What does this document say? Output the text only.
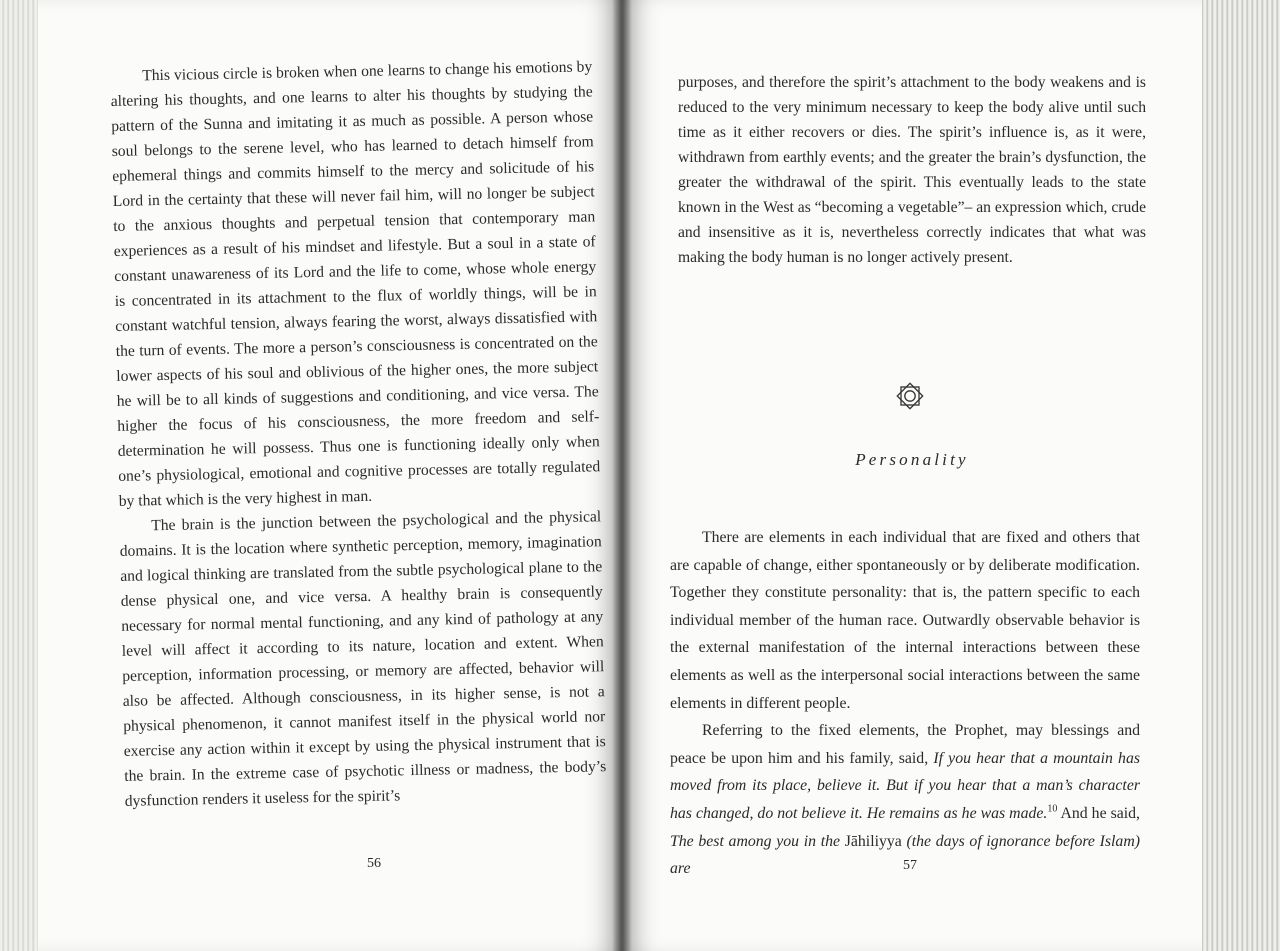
This vicious circle is broken when one learns to change his emotions by altering his thoughts, and one learns to alter his thoughts by studying the pattern of the Sunna and imitating it as much as possible. A person whose soul belongs to the serene level, who has learned to detach himself from ephemeral things and commits himself to the mercy and solicitude of his Lord in the certainty that these will never fail him, will no longer be subject to the anxious thoughts and perpetual tension that contemporary man experiences as a result of his mindset and lifestyle. But a soul in a state of constant unawareness of its Lord and the life to come, whose whole energy is concentrated in its attachment to the flux of worldly things, will be in constant watchful tension, always fearing the worst, always dissatisfied with the turn of events. The more a person’s consciousness is concentrated on the lower aspects of his soul and oblivious of the higher ones, the more subject he will be to all kinds of suggestions and conditioning, and vice versa. The higher the focus of his consciousness, the more freedom and self-determination he will possess. Thus one is functioning ideally only when one’s physiological, emotional and cognitive processes are totally regulated by that which is the very highest in man.

The brain is the junction between the psychological and the physical domains. It is the location where synthetic perception, memory, imagination and logical thinking are translated from the subtle psychological plane to the dense physical one, and vice versa. A healthy brain is consequently necessary for normal mental functioning, and any kind of pathology at any level will affect it according to its nature, location and extent. When perception, information processing, or memory are affected, behavior will also be affected. Although consciousness, in its higher sense, is not a physical phenomenon, it cannot manifest itself in the physical world nor exercise any action within it except by using the physical instrument that is the brain. In the extreme case of psychotic illness or madness, the body’s dysfunction renders it useless for the spirit’s

56

purposes, and therefore the spirit’s attachment to the body weakens and is reduced to the very minimum necessary to keep the body alive until such time as it either recovers or dies. The spirit’s influence is, as it were, withdrawn from earthly events; and the greater the brain’s dysfunction, the greater the withdrawal of the spirit. This eventually leads to the state known in the West as “becoming a vegetable”– an expression which, crude and insensitive as it is, nevertheless correctly indicates that what was making the body human is no longer actively present.

Personality

There are elements in each individual that are fixed and others that are capable of change, either spontaneously or by deliberate modification. Together they constitute personality: that is, the pattern specific to each individual member of the human race. Outwardly observable behavior is the external manifestation of the internal interactions between these elements as well as the interpersonal social interactions between the same elements in different people.

Referring to the fixed elements, the Prophet, may blessings and peace be upon him and his family, said, If you hear that a mountain has moved from its place, believe it. But if you hear that a man’s character has changed, do not believe it. He remains as he was made.$^{10}$ And he said, The best among you in the Jāhiliyya (the days of ignorance before Islam) are	57
